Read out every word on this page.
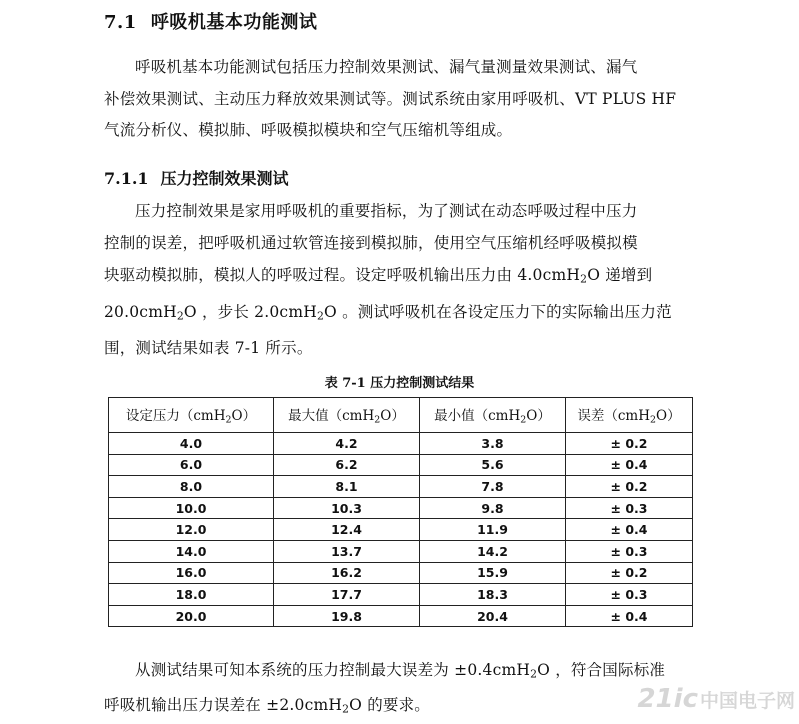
7.1 呼吸机基本功能测试

呼吸机基本功能测试包括压力控制效果测试、漏气量测量效果测试、漏气

补偿效果测试、主动压力释放效果测试等。测试系统由家用呼吸机、VT PLUS HF

气流分析仪、模拟肺、呼吸模拟模块和空气压缩机等组成。

7.1.1 压力控制效果测试

压力控制效果是家用呼吸机的重要指标，为了测试在动态呼吸过程中压力

控制的误差，把呼吸机通过软管连接到模拟肺，使用空气压缩机经呼吸模拟模

块驱动模拟肺，模拟人的呼吸过程。设定呼吸机输出压力由 4.0cmH$_2$O 递增到

20.0cmH$_2$O ，步长 2.0cmH$_2$O 。测试呼吸机在各设定压力下的实际输出压力范

围，测试结果如表 7-1 所示。

表 7-1 压力控制测试结果
设定压力（cmH$_2$O）	最大值（cmH$_2$O）	最小值（cmH$_2$O）	误差（cmH$_2$O）
4.0	4.2	3.8	± 0.2
6.0	6.2	5.6	± 0.4
8.0	8.1	7.8	± 0.2
10.0	10.3	9.8	± 0.3
12.0	12.4	11.9	± 0.4
14.0	13.7	14.2	± 0.3
16.0	16.2	15.9	± 0.2
18.0	17.7	18.3	± 0.3
20.0	19.8	20.4	± 0.4

从测试结果可知本系统的压力控制最大误差为 ±0.4cmH$_2$O ，符合国际标准

呼吸机输出压力误差在 ±2.0cmH$_2$O 的要求。	21ic 中国电子网
